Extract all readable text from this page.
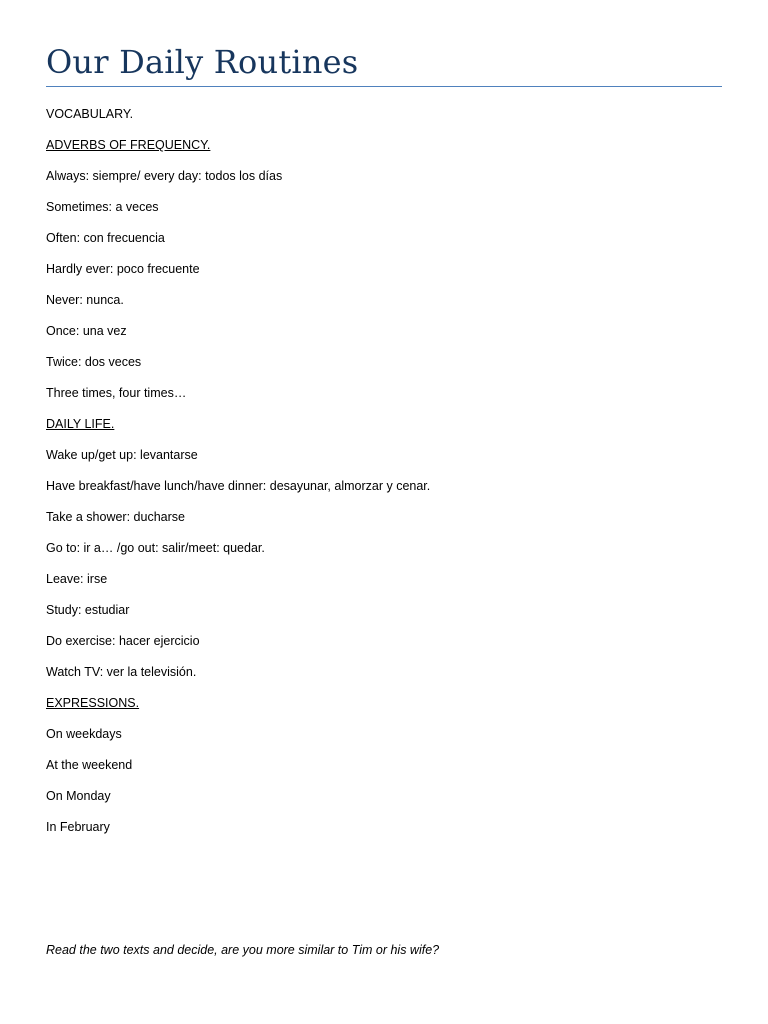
Our Daily Routines

VOCABULARY.

ADVERBS OF FREQUENCY.

Always: siempre/ every day: todos los días

Sometimes: a veces

Often: con frecuencia

Hardly ever: poco frecuente

Never: nunca.

Once: una vez

Twice: dos veces

Three times, four times…

DAILY LIFE.

Wake up/get up: levantarse

Have breakfast/have lunch/have dinner: desayunar, almorzar y cenar.

Take a shower: ducharse

Go to: ir a… /go out: salir/meet: quedar.

Leave: irse

Study: estudiar

Do exercise: hacer ejercicio

Watch TV: ver la televisión.

EXPRESSIONS.

On weekdays

At the weekend

On Monday

In February

Read the two texts and decide, are you more similar to Tim or his wife?
